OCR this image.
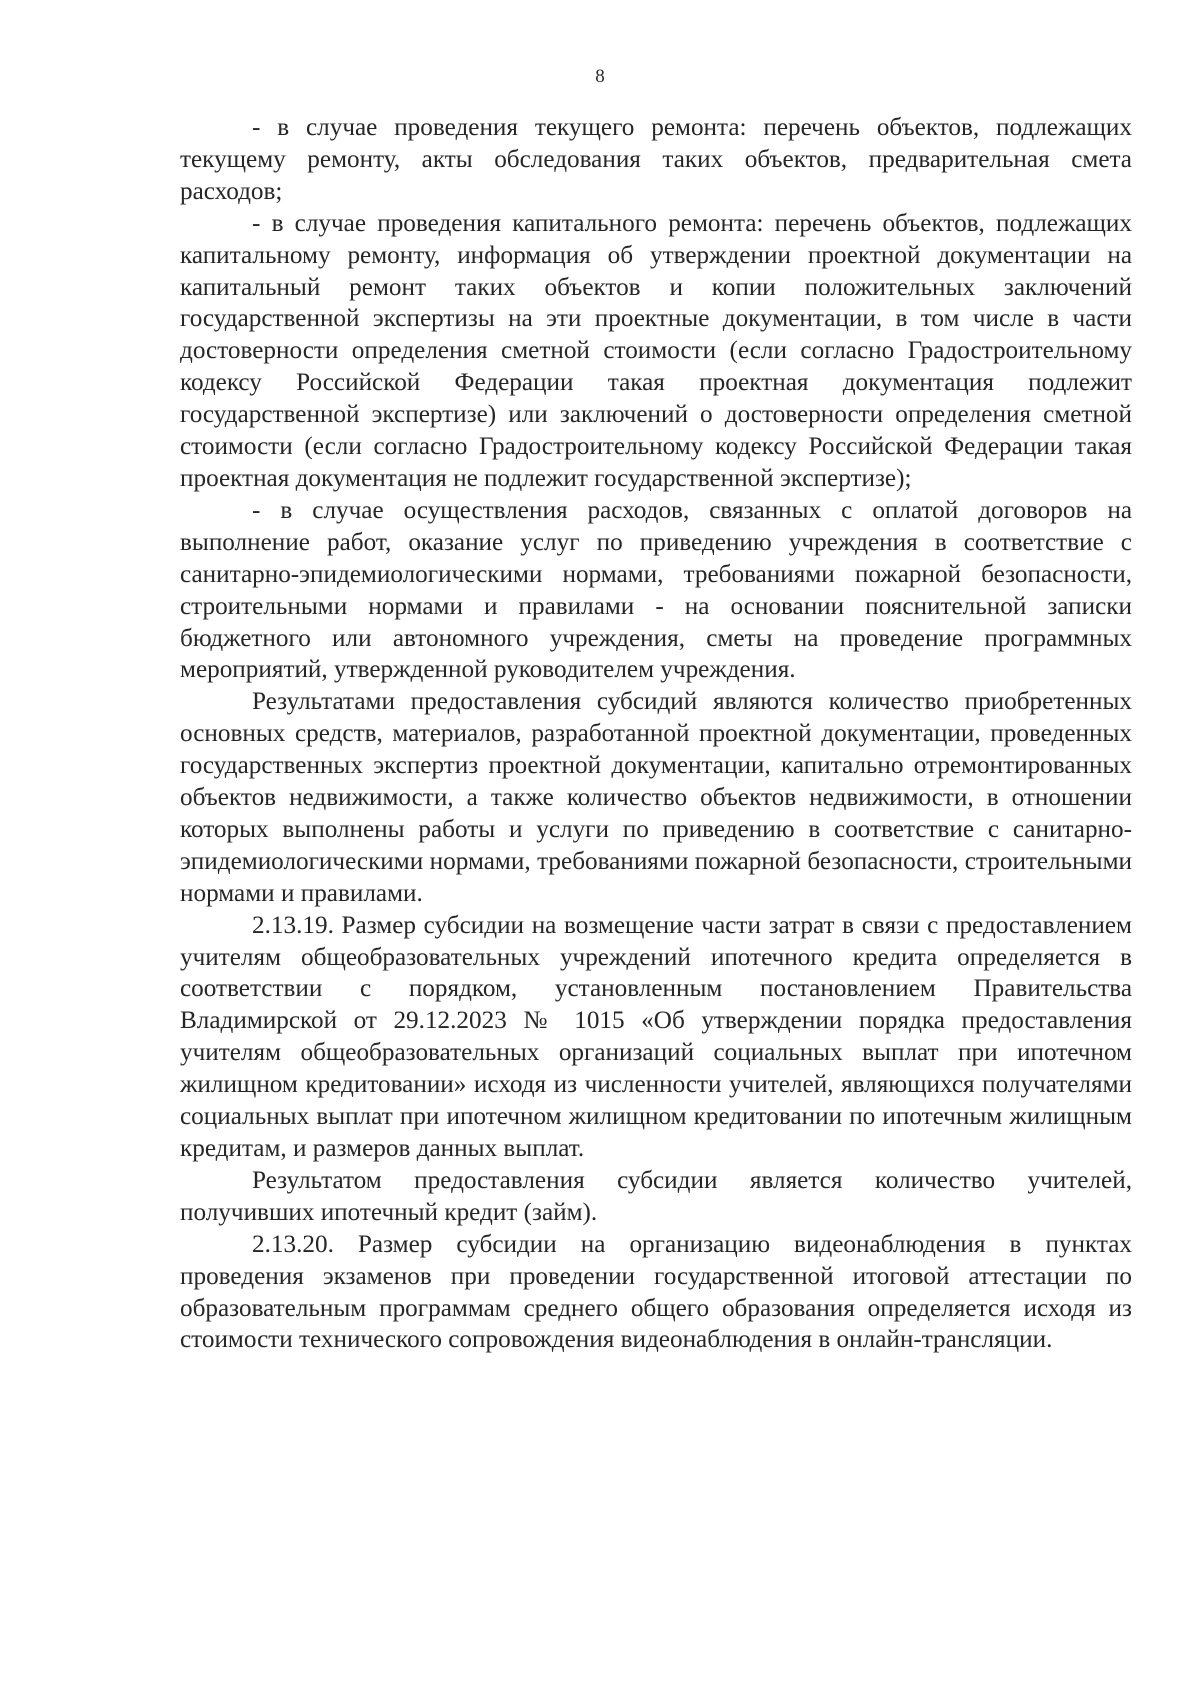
8

- в случае проведения текущего ремонта: перечень объектов, подлежащих текущему ремонту, акты обследования таких объектов, предварительная смета расходов;

- в случае проведения капитального ремонта: перечень объектов, подлежащих капитальному ремонту, информация об утверждении проектной документации на капитальный ремонт таких объектов и копии положительных заключений государственной экспертизы на эти проектные документации, в том числе в части достоверности определения сметной стоимости (если согласно Градостроительному кодексу Российской Федерации такая проектная документация подлежит государственной экспертизе) или заключений о достоверности определения сметной стоимости (если согласно Градостроительному кодексу Российской Федерации такая проектная документация не подлежит государственной экспертизе);

- в случае осуществления расходов, связанных с оплатой договоров на выполнение работ, оказание услуг по приведению учреждения в соответствие с санитарно-эпидемиологическими нормами, требованиями пожарной безопасности, строительными нормами и правилами - на основании пояснительной записки бюджетного или автономного учреждения, сметы на проведение программных мероприятий, утвержденной руководителем учреждения.

Результатами предоставления субсидий являются количество приобретенных основных средств, материалов, разработанной проектной документации, проведенных государственных экспертиз проектной документации, капитально отремонтированных объектов недвижимости, а также количество объектов недвижимости, в отношении которых выполнены работы и услуги по приведению в соответствие с санитарно-эпидемиологическими нормами, требованиями пожарной безопасности, строительными нормами и правилами.

2.13.19. Размер субсидии на возмещение части затрат в связи с предоставлением учителям общеобразовательных учреждений ипотечного кредита определяется в соответствии с порядком, установленным постановлением Правительства Владимирской от 29.12.2023 № 1015 «Об утверждении порядка предоставления учителям общеобразовательных организаций социальных выплат при ипотечном жилищном кредитовании» исходя из численности учителей, являющихся получателями социальных выплат при ипотечном жилищном кредитовании по ипотечным жилищным кредитам, и размеров данных выплат.

Результатом предоставления субсидии является количество учителей, получивших ипотечный кредит (займ).

2.13.20. Размер субсидии на организацию видеонаблюдения в пунктах проведения экзаменов при проведении государственной итоговой аттестации по образовательным программам среднего общего образования определяется исходя из стоимости технического сопровождения видеонаблюдения в онлайн-трансляции.
